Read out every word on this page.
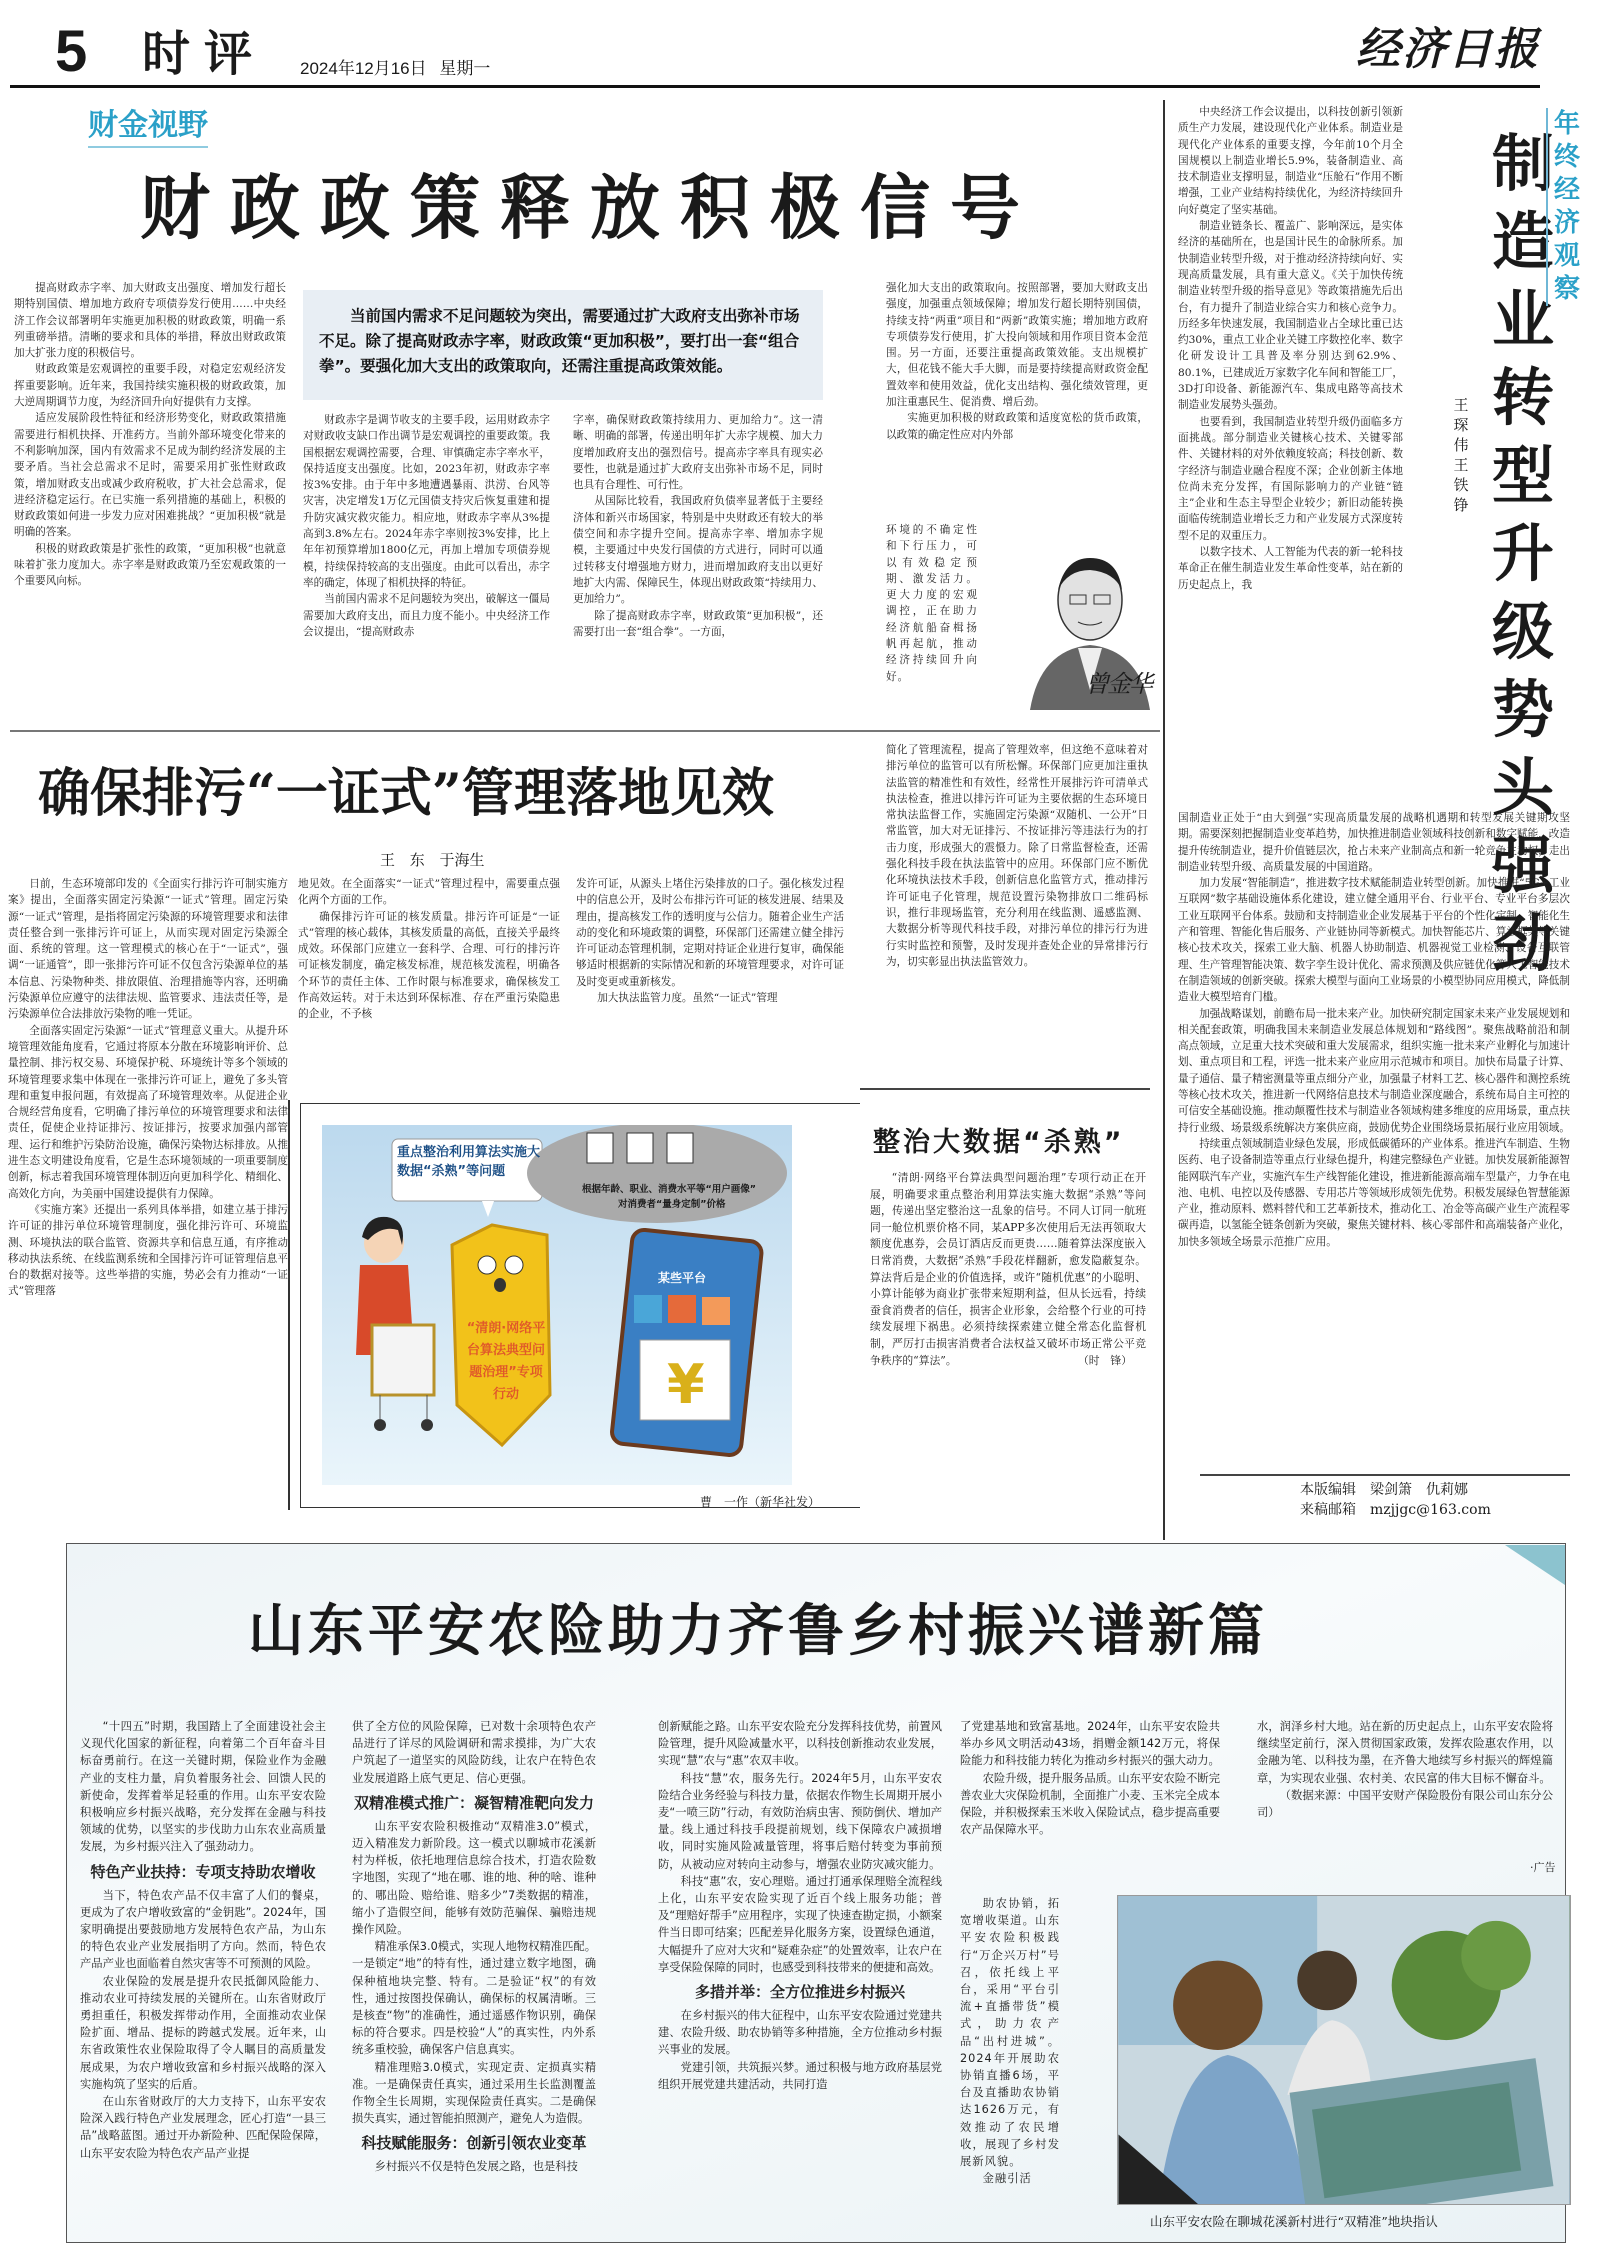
5 时评 2024年12月16日 星期一	经济日报
财金视野
财政政策释放积极信号

提高财政赤字率、加大财政支出强度、增加发行超长期特别国债、增加地方政府专项债券发行使用……中央经济工作会议部署明年实施更加积极的财政政策，明确一系列重磅举措。清晰的要求和具体的举措，释放出财政政策加大扩张力度的积极信号。

财政政策是宏观调控的重要手段，对稳定宏观经济发挥重要影响。近年来，我国持续实施积极的财政政策，加大逆周期调节力度，为经济回升向好提供有力支撑。

适应发展阶段性特征和经济形势变化，财政政策措施需要进行相机抉择、开准药方。当前外部环境变化带来的不利影响加深，国内有效需求不足成为制约经济发展的主要矛盾。当社会总需求不足时，需要采用扩张性财政政策，增加财政支出或减少政府税收，扩大社会总需求，促进经济稳定运行。在已实施一系列措施的基础上，积极的财政政策如何进一步发力应对困难挑战？“更加积极”就是明确的答案。

积极的财政政策是扩张性的政策，“更加积极”也就意味着扩张力度加大。赤字率是财政政策乃至宏观政策的一个重要风向标。

当前国内需求不足问题较为突出，需要通过扩大政府支出弥补市场不足。除了提高财政赤字率，财政政策“更加积极”，要打出一套“组合拳”。要强化加大支出的政策取向，还需注重提高政策效能。

财政赤字是调节收支的主要手段，运用财政赤字对财政收支缺口作出调节是宏观调控的重要政策。我国根据宏观调控需要，合理、审慎确定赤字率水平，保持适度支出强度。比如，2023年初，财政赤字率按3%安排。由于年中多地遭遇暴雨、洪涝、台风等灾害，决定增发1万亿元国债支持灾后恢复重建和提升防灾减灾救灾能力。相应地，财政赤字率从3%提高到3.8%左右。2024年赤字率则按3%安排，比上年年初预算增加1800亿元，再加上增加专项债券规模，持续保持较高的支出强度。由此可以看出，赤字率的确定，体现了相机抉择的特征。

当前国内需求不足问题较为突出，破解这一僵局需要加大政府支出，而且力度不能小。中央经济工作会议提出，“提高财政赤

字率，确保财政政策持续用力、更加给力”。这一清晰、明确的部署，传递出明年扩大赤字规模、加大力度增加政府支出的强烈信号。提高赤字率具有现实必要性，也就是通过扩大政府支出弥补市场不足，同时也具有合理性、可行性。

从国际比较看，我国政府负债率显著低于主要经济体和新兴市场国家，特别是中央财政还有较大的举债空间和赤字提升空间。提高赤字率、增加赤字规模，主要通过中央发行国债的方式进行，同时可以通过转移支付增强地方财力，进而增加政府支出以更好地扩大内需、保障民生，体现出财政政策“持续用力、更加给力”。

除了提高财政赤字率，财政政策“更加积极”，还需要打出一套“组合拳”。一方面，

强化加大支出的政策取向。按照部署，要加大财政支出强度，加强重点领域保障；增加发行超长期特别国债，持续支持“两重”项目和“两新”政策实施；增加地方政府专项债券发行使用，扩大投向领域和用作项目资本金范围。另一方面，还要注重提高政策效能。支出规模扩大，但花钱不能大手大脚，而是要持续提高财政资金配置效率和使用效益，优化支出结构、强化绩效管理，更加注重惠民生、促消费、增后劲。

实施更加积极的财政政策和适度宽松的货币政策，以政策的确定性应对内外部

环境的不确定性和下行压力，可以有效稳定预期、激发活力。更大力度的宏观调控，正在助力经济航船奋楫扬帆再起航，推动经济持续回升向好。	曾金华

中央经济工作会议提出，以科技创新引领新质生产力发展，建设现代化产业体系。制造业是现代化产业体系的重要支撑，今年前10个月全国规模以上制造业增长5.9%，装备制造业、高技术制造业支撑明显，制造业“压舱石”作用不断增强，工业产业结构持续优化，为经济持续回升向好奠定了坚实基础。

制造业链条长、覆盖广、影响深远，是实体经济的基础所在，也是国计民生的命脉所系。加快制造业转型升级，对于推动经济持续向好、实现高质量发展，具有重大意义。《关于加快传统制造业转型升级的指导意见》等政策措施先后出台，有力提升了制造业综合实力和核心竞争力。历经多年快速发展，我国制造业占全球比重已达约30%，重点工业企业关键工序数控化率、数字化研发设计工具普及率分别达到62.9%、80.1%，已建成近万家数字化车间和智能工厂，3D打印设备、新能源汽车、集成电路等高技术制造业发展势头强劲。

也要看到，我国制造业转型升级仍面临多方面挑战。部分制造业关键核心技术、关键零部件、关键材料的对外依赖度较高；科技创新、数字经济与制造业融合程度不深；企业创新主体地位尚未充分发挥，有国际影响力的产业链“链主”企业和生态主导型企业较少；新旧动能转换面临传统制造业增长乏力和产业发展方式深度转型不足的双重压力。

以数字技术、人工智能为代表的新一轮科技革命正在催生制造业发生革命性变革，站在新的历史起点上，我

王琛伟 王铁铮
制造业转型升级势头强劲
年终经济观察

国制造业正处于“由大到强”实现高质量发展的战略机遇期和转型发展关键期攻坚期。需要深刻把握制造业变革趋势，加快推进制造业领域科技创新和数字赋能，改造提升传统制造业，提升价值链层次，抢占未来产业制高点和新一轮竞争主动权，走出制造业转型升级、高质量发展的中国道路。

加力发展“智能制造”，推进数字技术赋能制造业转型创新。加快推进“5G+工业互联网”数字基础设施体系化建设，建立健全通用平台、行业平台、专业平台多层次工业互联网平台体系。鼓励和支持制造业企业发展基于平台的个性化定制、智能化生产和管理、智能化售后服务、产业链协同等新模式。加快智能芯片、算法框架等关键核心技术攻关，探索工业大脑、机器人协助制造、机器视觉工业检测、设备互联管理、生产管理智能决策、数字孪生设计优化、需求预测及供应链优化等人工智能技术在制造领域的创新突破。探索大模型与面向工业场景的小模型协同应用模式，降低制造业大模型培育门槛。

加强战略谋划，前瞻布局一批未来产业。加快研究制定国家未来产业发展规划和相关配套政策，明确我国未来制造业发展总体规划和“路线图”。聚焦战略前沿和制高点领域，立足重大技术突破和重大发展需求，组织实施一批未来产业孵化与加速计划、重点项目和工程，评选一批未来产业应用示范城市和项目。加快布局量子计算、量子通信、量子精密测量等重点细分产业，加强量子材料工艺、核心器件和测控系统等核心技术攻关，推进新一代网络信息技术与制造业深度融合，系统布局自主可控的可信安全基础设施。推动颠覆性技术与制造业各领域构建多维度的应用场景，重点扶持行业级、场景级系统解决方案供应商，鼓励优势企业围绕场景拓展行业应用领域。

持续重点领域制造业绿色发展，形成低碳循环的产业体系。推进汽车制造、生物医药、电子设备制造等重点行业绿色提升，构建完整绿色产业链。加快发展新能源智能网联汽车产业，实施汽车生产线智能化建设，推进新能源高端车型量产，力争在电池、电机、电控以及传感器、专用芯片等领域形成领先优势。积极发展绿色智慧能源产业，推动原料、燃料替代和工艺革新技术，推动化工、冶金等高碳产业生产流程零碳再造，以氢能全链条创新为突破，聚焦关键材料、核心零部件和高端装备产业化，加快多领域全场景示范推广应用。

本版编辑　梁剑箫　仇莉娜
来稿邮箱　mzjjgc@163.com
确保排污“一证式”管理落地见效
王 东 于海生

日前，生态环境部印发的《全面实行排污许可制实施方案》提出，全面落实固定污染源“一证式”管理。固定污染源“一证式”管理，是指将固定污染源的环境管理要求和法律责任整合到一张排污许可证上，从而实现对固定污染源全面、系统的管理。这一管理模式的核心在于“一证式”，强调“一证通管”，即一张排污许可证不仅包含污染源单位的基本信息、污染物种类、排放限值、治理措施等内容，还明确污染源单位应遵守的法律法规、监管要求、违法责任等，是污染源单位合法排放污染物的唯一凭证。

全面落实固定污染源“一证式”管理意义重大。从提升环境管理效能角度看，它通过将原本分散在环境影响评价、总量控制、排污权交易、环境保护税、环境统计等多个领域的环境管理要求集中体现在一张排污许可证上，避免了多头管理和重复申报问题，有效提高了环境管理效率。从促进企业合规经营角度看，它明确了排污单位的环境管理要求和法律责任，促使企业持证排污、按证排污，按要求加强内部管理、运行和维护污染防治设施，确保污染物达标排放。从推进生态文明建设角度看，它是生态环境领域的一项重要制度创新，标志着我国环境管理体制迈向更加科学化、精细化、高效化方向，为美丽中国建设提供有力保障。

《实施方案》还提出一系列具体举措，如建立基于排污许可证的排污单位环境管理制度，强化排污许可、环境监测、环境执法的联合监管、资源共享和信息互通，有序推动移动执法系统、在线监测系统和全国排污许可证管理信息平台的数据对接等。这些举措的实施，势必会有力推动“一证式”管理落

地见效。在全面落实“一证式”管理过程中，需要重点强化两个方面的工作。

确保排污许可证的核发质量。排污许可证是“一证式”管理的核心载体，其核发质量的高低，直接关乎最终成效。环保部门应建立一套科学、合理、可行的排污许可证核发制度，确定核发标准，规范核发流程，明确各个环节的责任主体、工作时限与标准要求，确保核发工作高效运转。对于未达到环保标准、存在严重污染隐患的企业，不予核

发许可证，从源头上堵住污染排放的口子。强化核发过程中的信息公开，及时公布排污许可证的核发进展、结果及理由，提高核发工作的透明度与公信力。随着企业生产活动的变化和环境政策的调整，环保部门还需建立健全排污许可证动态管理机制，定期对持证企业进行复审，确保能够适时根据新的实际情况和新的环境管理要求，对许可证及时变更或重新核发。

加大执法监管力度。虽然“一证式”管理

简化了管理流程，提高了管理效率，但这绝不意味着对排污单位的监管可以有所松懈。环保部门应更加注重执法监管的精准性和有效性，经常性开展排污许可清单式执法检查，推进以排污许可证为主要依据的生态环境日常执法监督工作，实施固定污染源“双随机、一公开”日常监管，加大对无证排污、不按证排污等违法行为的打击力度，形成强大的震慑力。除了日常监督检查，还需强化科技手段在执法监管中的应用。环保部门应不断优化环境执法技术手段，创新信息化监管方式，推动排污许可证电子化管理，规范设置污染物排放口二维码标识，推行非现场监管，充分利用在线监测、遥感监测、大数据分析等现代科技手段，对排污单位的排污行为进行实时监控和预警，及时发现并查处企业的异常排污行为，切实彰显出执法监管效力。

¥
重点整治利用算法实施大数据“杀熟”等问题
根据年龄、职业、消费水平等“用户画像”
对消费者“量身定制”价格
“清朗·网络平台算法典型问题治理”专项行动
某些平台
曹　一作（新华社发）
整治大数据“杀熟”

“清朗·网络平台算法典型问题治理”专项行动正在开展，明确要求重点整治利用算法实施大数据“杀熟”等问题，传递出坚定整治这一乱象的信号。不同人订同一航班同一舱位机票价格不同，某APP多次使用后无法再领取大额度优惠券，会员订酒店反而更贵……随着算法深度嵌入日常消费，大数据“杀熟”手段花样翻新，愈发隐蔽复杂。算法背后是企业的价值选择，或许“随机优惠”的小聪明、小算计能够为商业扩张带来短期利益，但从长远看，持续蚕食消费者的信任，损害企业形象，会给整个行业的可持续发展埋下祸患。必须持续探索建立健全常态化监督机制，严厉打击损害消费者合法权益又破坏市场正常公平竞争秩序的“算法”。	（时　锋）
山东平安农险助力齐鲁乡村振兴谱新篇

“十四五”时期，我国踏上了全面建设社会主义现代化国家的新征程，向着第二个百年奋斗目标奋勇前行。在这一关键时期，保险业作为金融产业的支柱力量，肩负着服务社会、回馈人民的新使命，发挥着举足轻重的作用。山东平安农险积极响应乡村振兴战略，充分发挥在金融与科技领域的优势，以坚实的步伐助力山东农业高质量发展，为乡村振兴注入了强劲动力。

特色产业扶持：专项支持助农增收

当下，特色农产品不仅丰富了人们的餐桌，更成为了农户增收致富的“金钥匙”。2024年，国家明确提出要鼓励地方发展特色农产品，为山东的特色农业产业发展指明了方向。然而，特色农产品产业也面临着自然灾害等不可预测的风险。

农业保险的发展是提升农民抵御风险能力、推动农业可持续发展的关键所在。山东省财政厅勇担重任，积极发挥带动作用，全面推动农业保险扩面、增品、提标的跨越式发展。近年来，山东省政策性农业保险取得了令人瞩目的高质量发展成果，为农户增收致富和乡村振兴战略的深入实施构筑了坚实的后盾。

在山东省财政厅的大力支持下，山东平安农险深入践行特色产业发展理念，匠心打造“一县三品”战略蓝图。通过开办新险种、匹配保险保障，山东平安农险为特色农产品产业提

供了全方位的风险保障，已对数十余项特色农产品进行了详尽的风险调研和需求摸排，为广大农户筑起了一道坚实的风险防线，让农户在特色农业发展道路上底气更足、信心更强。

双精准模式推广：凝智精准靶向发力

山东平安农险积极推动“双精准3.0”模式，迈入精准发力新阶段。这一模式以聊城市花溪新村为样板，依托地理信息综合技术，打造农险数字地图，实现了“地在哪、谁的地、种的啥、谁种的、哪出险、赔给谁、赔多少”7类数据的精准，缩小了造假空间，能够有效防范骗保、骗赔违规操作风险。

精准承保3.0模式，实现人地物权精准匹配。一是锁定“地”的特有性，通过建立数字地图，确保种植地块完整、特有。二是验证“权”的有效性，通过按图投保确认，确保标的权属清晰。三是核查“物”的准确性，通过遥感作物识别，确保标的符合要求。四是校验“人”的真实性，内外系统多重校验，确保客户信息真实。

精准理赔3.0模式，实现定责、定损真实精准。一是确保责任真实，通过采用生长监测覆盖作物全生长周期，实现保险责任真实。二是确保损失真实，通过智能拍照测产，避免人为造假。

科技赋能服务：创新引领农业变革

乡村振兴不仅是特色发展之路，也是科技

创新赋能之路。山东平安农险充分发挥科技优势，前置风险管理，提升风险减量水平，以科技创新推动农业发展，实现“慧”农与“惠”农双丰收。

科技“慧”农，服务先行。2024年5月，山东平安农险结合业务经验与科技力量，依据农作物生长周期开展小麦“一喷三防”行动，有效防治病虫害、预防倒伏、增加产量。线上通过科技手段提前规划，线下保障农户减损增收，同时实施风险减量管理，将事后赔付转变为事前预防，从被动应对转向主动参与，增强农业防灾减灾能力。

科技“惠”农，安心理赔。通过打通承保理赔全流程线上化，山东平安农险实现了近百个线上服务功能；普及“理赔好帮手”应用程序，实现了快速查勘定损，小额案件当日即可结案；匹配差异化服务方案，设置绿色通道，大幅提升了应对大灾和“疑难杂症”的处置效率，让农户在享受保险保障的同时，也感受到科技带来的便捷和高效。

多措并举：全方位推进乡村振兴

在乡村振兴的伟大征程中，山东平安农险通过党建共建、农险升级、助农协销等多种措施，全方位推动乡村振兴事业的发展。

党建引领，共筑振兴梦。通过积极与地方政府基层党组织开展党建共建活动，共同打造

了党建基地和致富基地。2024年，山东平安农险共举办乡风文明活动43场，捐赠金额142万元，将保险能力和科技能力转化为推动乡村振兴的强大动力。

农险升级，提升服务品质。山东平安农险不断完善农业大灾保险机制，全面推广小麦、玉米完全成本保险，并积极探索玉米收入保险试点，稳步提高重要农产品保障水平。

助农协销，拓宽增收渠道。山东平安农险积极践行“万企兴万村”号召，依托线上平台，采用“平台引流+直播带货”模式，助力农产品“出村进城”。2024年开展助农协销直播6场，平台及直播助农协销达1626万元，有效推动了农民增收，展现了乡村发展新风貌。

金融引活

水，润泽乡村大地。站在新的历史起点上，山东平安农险将继续坚定前行，深入贯彻国家政策，发挥农险惠农作用，以金融为笔、以科技为墨，在齐鲁大地续写乡村振兴的辉煌篇章，为实现农业强、农村美、农民富的伟大目标不懈奋斗。

（数据来源：中国平安财产保险股份有限公司山东分公司）

·广告
山东平安农险在聊城花溪新村进行“双精准”地块指认
